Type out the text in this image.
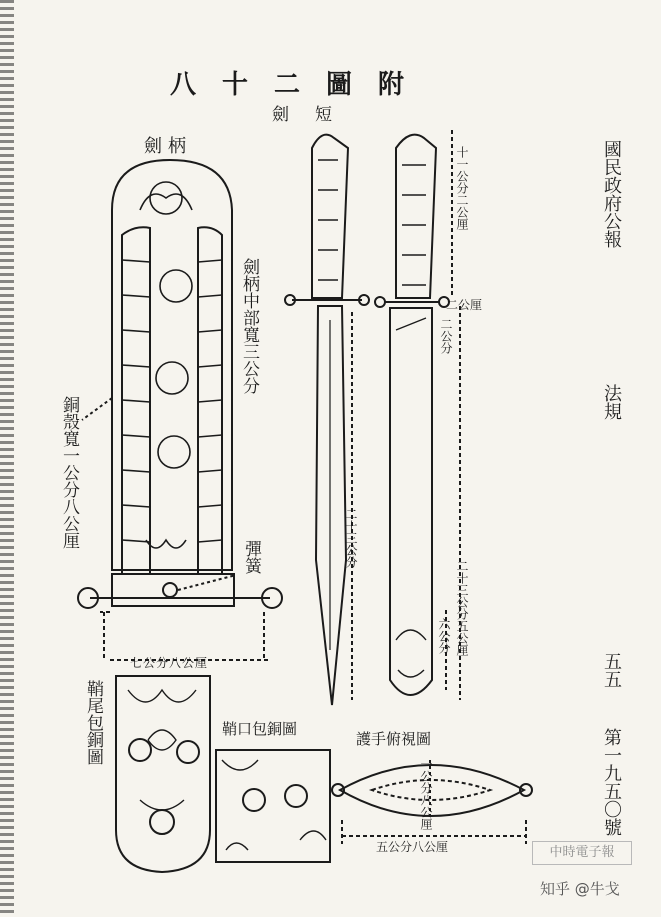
八十二圖附
劍短
劍柄
劍柄中部寬三公分
銅殼寬一公分八公厘
彈簧
七公分八公厘
十一公分二公厘
二公厘
二公分
二十三公分
二十三公分五公厘
六公分
鞘尾包銅圖	鞘口包銅圖
護手俯視圖
一公分八公厘
五公分八公厘
國民政府公報
法規
五五
第一九五〇號
中時電子報
知乎 @牛戈
